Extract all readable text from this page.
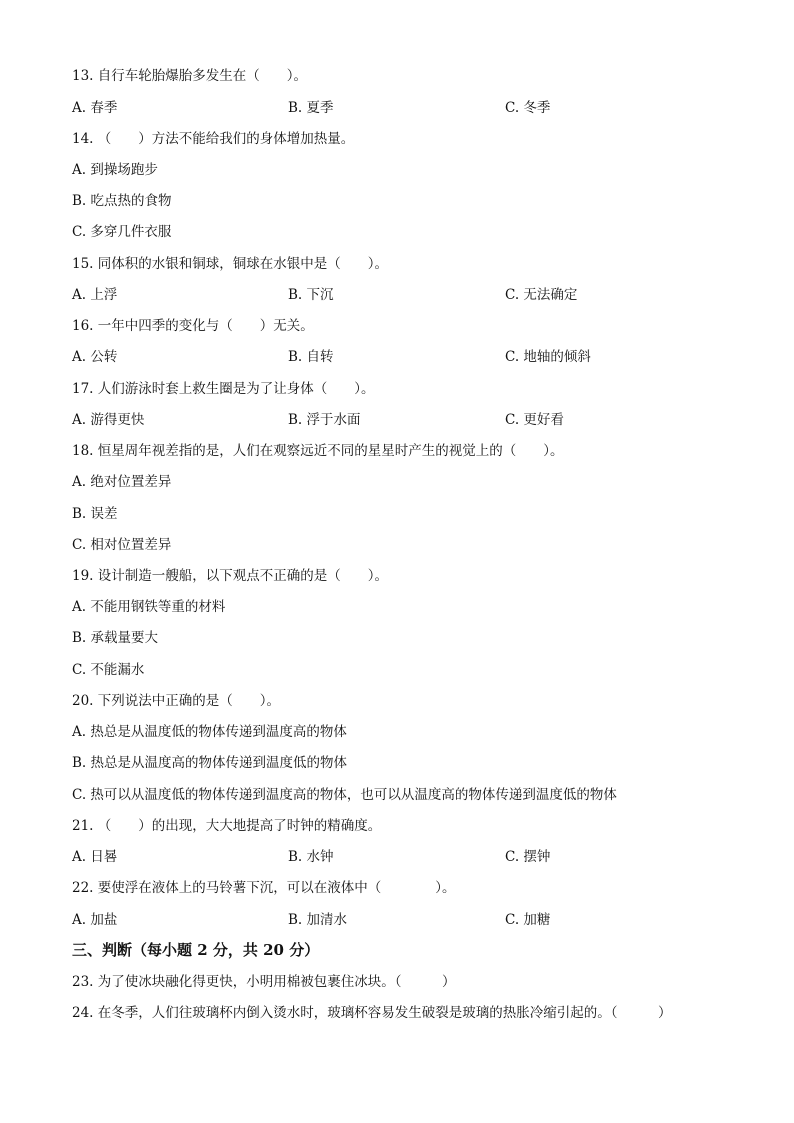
13. 自行车轮胎爆胎多发生在（　　）。
A. 春季	B. 夏季	C. 冬季
14. （　　）方法不能给我们的身体增加热量。
A. 到操场跑步
B. 吃点热的食物
C. 多穿几件衣服
15. 同体积的水银和铜球，铜球在水银中是（　　）。
A. 上浮	B. 下沉	C. 无法确定
16. 一年中四季的变化与（　　）无关。
A. 公转	B. 自转	C. 地轴的倾斜
17. 人们游泳时套上救生圈是为了让身体（　　）。
A. 游得更快	B. 浮于水面	C. 更好看
18. 恒星周年视差指的是，人们在观察远近不同的星星时产生的视觉上的（　　）。
A. 绝对位置差异
B. 误差
C. 相对位置差异
19. 设计制造一艘船，以下观点不正确的是（　　）。
A. 不能用钢铁等重的材料
B. 承载量要大
C. 不能漏水
20. 下列说法中正确的是（　　）。
A. 热总是从温度低的物体传递到温度高的物体
B. 热总是从温度高的物体传递到温度低的物体
C. 热可以从温度低的物体传递到温度高的物体，也可以从温度高的物体传递到温度低的物体
21. （　　）的出现，大大地提高了时钟的精确度。
A. 日晷	B. 水钟	C. 摆钟
22. 要使浮在液体上的马铃薯下沉，可以在液体中（　　　　）。
A. 加盐	B. 加清水	C. 加糖
三、判断（每小题 2 分，共 20 分）
23. 为了使冰块融化得更快，小明用棉被包裹住冰块。（　　　）
24. 在冬季，人们往玻璃杯内倒入烫水时，玻璃杯容易发生破裂是玻璃的热胀冷缩引起的。（　　　）
